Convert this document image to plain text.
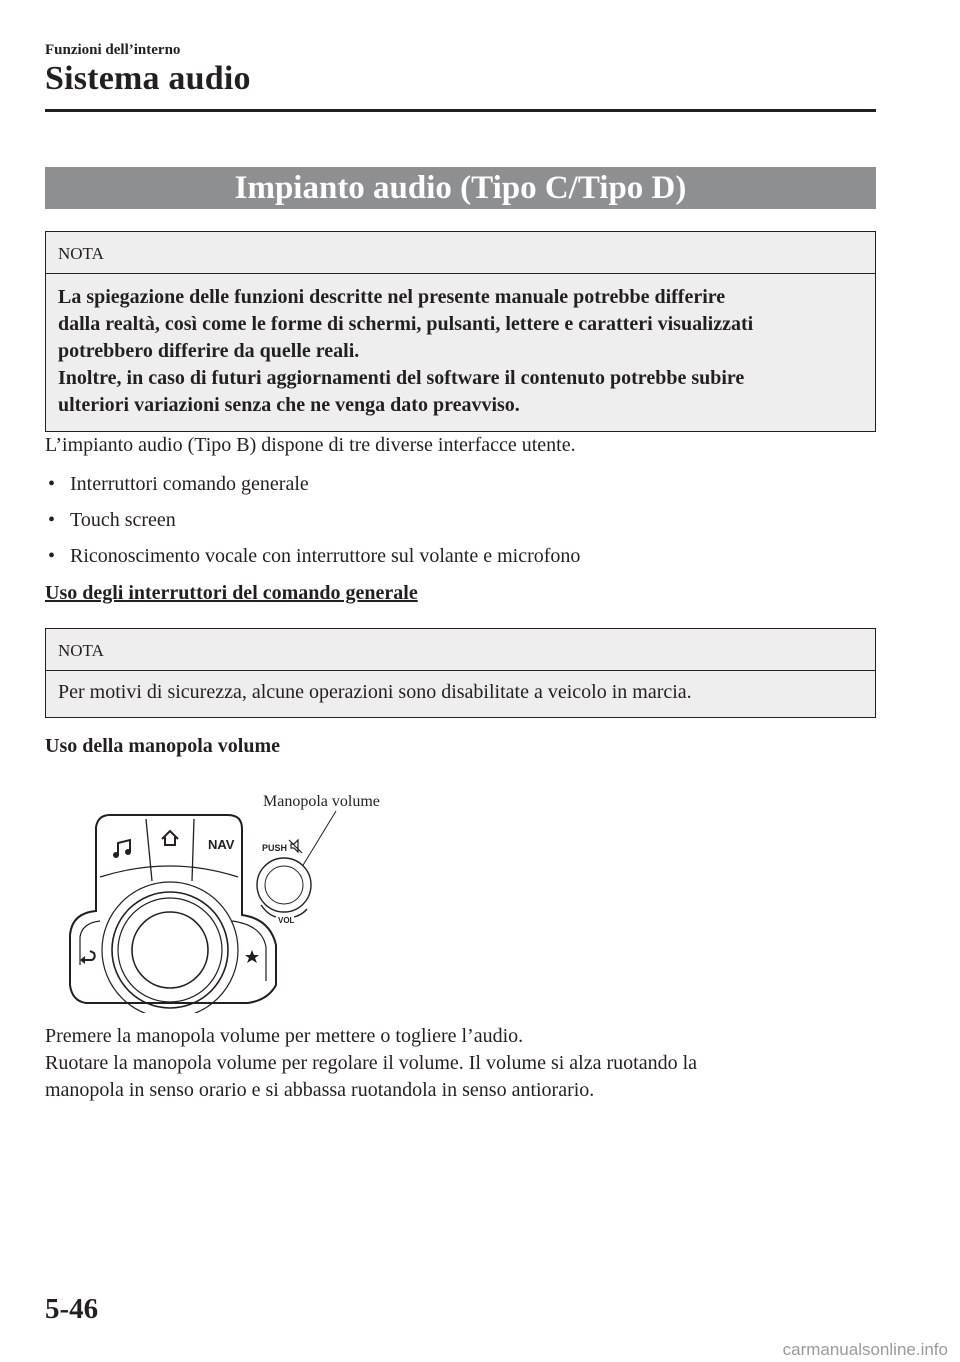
Funzioni dell’interno
Sistema audio
Impianto audio (Tipo C/Tipo D)
NOTA
La spiegazione delle funzioni descritte nel presente manuale potrebbe differire
dalla realtà, così come le forme di schermi, pulsanti, lettere e caratteri visualizzati
potrebbero differire da quelle reali.
Inoltre, in caso di futuri aggiornamenti del software il contenuto potrebbe subire
ulteriori variazioni senza che ne venga dato preavviso.
L’impianto audio (Tipo B) dispone di tre diverse interfacce utente.
• Interruttori comando generale
• Touch screen
• Riconoscimento vocale con interruttore sul volante e microfono
Uso degli interruttori del comando generale
NOTA
Per motivi di sicurezza, alcune operazioni sono disabilitate a veicolo in marcia.
Uso della manopola volume
Manopola volume
NAV	PUSH
VOL
Premere la manopola volume per mettere o togliere l’audio.
Ruotare la manopola volume per regolare il volume. Il volume si alza ruotando la
manopola in senso orario e si abbassa ruotandola in senso antiorario.
5-46
carmanualsonline.info
